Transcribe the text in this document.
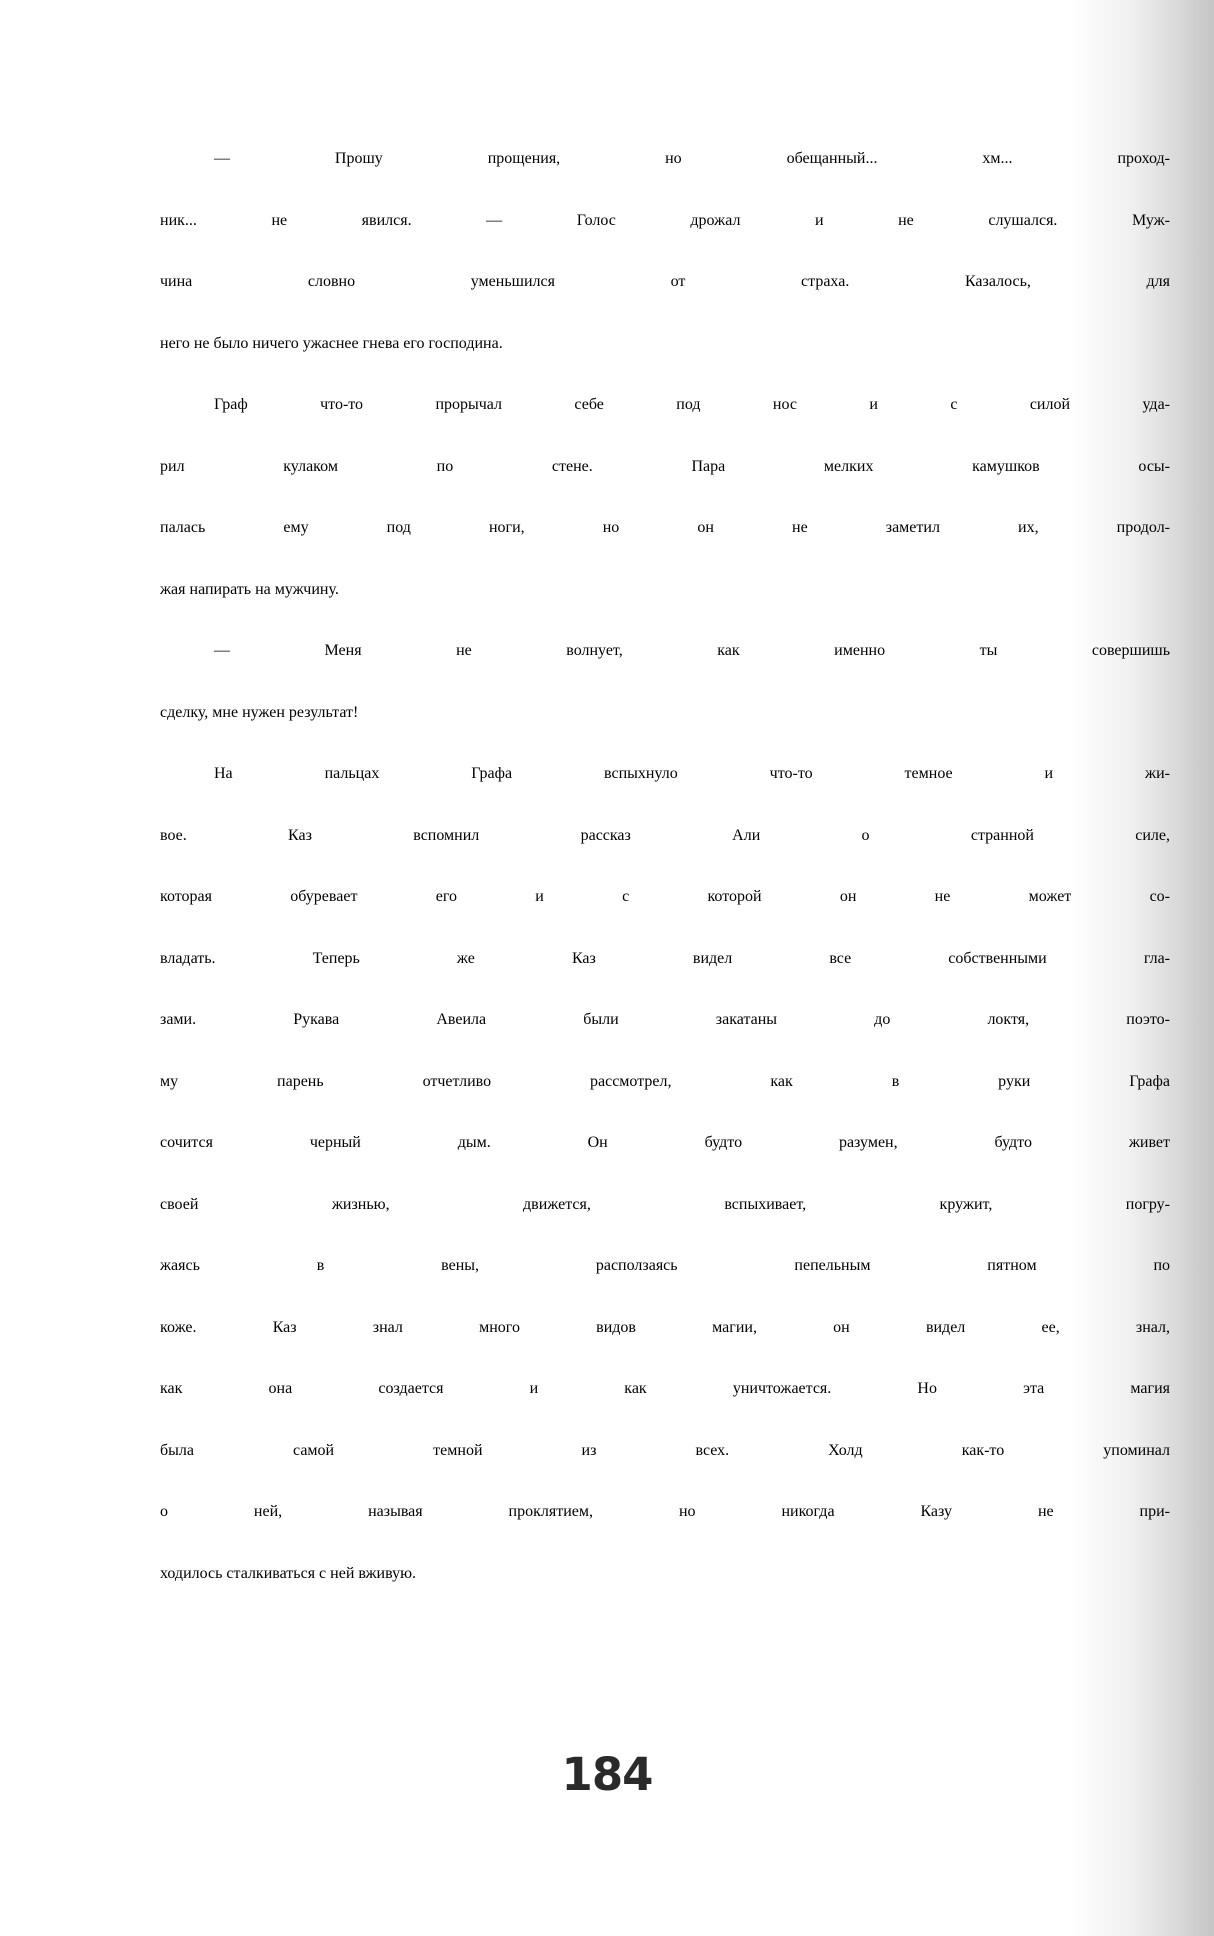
— Прошу прощения, но обещанный... хм... проход-
ник... не явился. — Голос дрожал и не слушался. Муж-
чина словно уменьшился от страха. Казалось, для
него не было ничего ужаснее гнева его господина.
Граф что-то прорычал себе под нос и с силой уда-
рил кулаком по стене. Пара мелких камушков осы-
палась ему под ноги, но он не заметил их, продол-
жая напирать на мужчину.
— Меня не волнует, как именно ты совершишь
сделку, мне нужен результат!
На пальцах Графа вспыхнуло что-то темное и жи-
вое. Каз вспомнил рассказ Али о странной силе,
которая обуревает его и с которой он не может со-
владать. Теперь же Каз видел все собственными гла-
зами. Рукава Авеила были закатаны до локтя, поэто-
му парень отчетливо рассмотрел, как в руки Графа
сочится черный дым. Он будто разумен, будто живет
своей жизнью, движется, вспыхивает, кружит, погру-
жаясь в вены, расползаясь пепельным пятном по
коже. Каз знал много видов магии, он видел ее, знал,
как она создается и как уничтожается. Но эта магия
была самой темной из всех. Холд как-то упоминал
о ней, называя проклятием, но никогда Казу не при-
ходилось сталкиваться с ней вживую.
184
